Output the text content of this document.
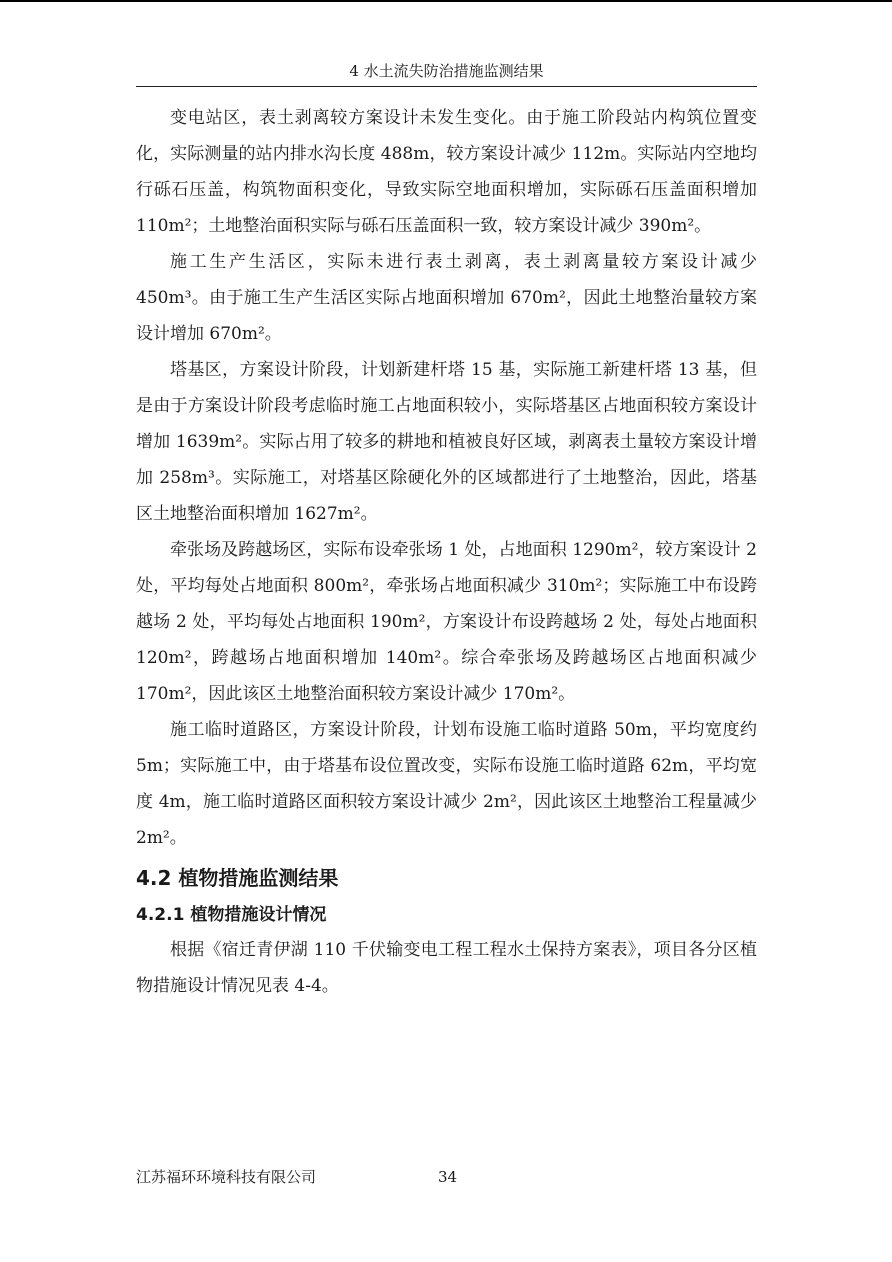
4 水土流失防治措施监测结果

变电站区，表土剥离较方案设计未发生变化。由于施工阶段站内构筑位置变化，实际测量的站内排水沟长度 488m，较方案设计减少 112m。实际站内空地均行砾石压盖，构筑物面积变化，导致实际空地面积增加，实际砾石压盖面积增加 110m²；土地整治面积实际与砾石压盖面积一致，较方案设计减少 390m²。

施工生产生活区，实际未进行表土剥离，表土剥离量较方案设计减少 450m³。由于施工生产生活区实际占地面积增加 670m²，因此土地整治量较方案设计增加 670m²。

塔基区，方案设计阶段，计划新建杆塔 15 基，实际施工新建杆塔 13 基，但是由于方案设计阶段考虑临时施工占地面积较小，实际塔基区占地面积较方案设计增加 1639m²。实际占用了较多的耕地和植被良好区域，剥离表土量较方案设计增加 258m³。实际施工，对塔基区除硬化外的区域都进行了土地整治，因此，塔基区土地整治面积增加 1627m²。

牵张场及跨越场区，实际布设牵张场 1 处，占地面积 1290m²，较方案设计 2 处，平均每处占地面积 800m²，牵张场占地面积减少 310m²；实际施工中布设跨越场 2 处，平均每处占地面积 190m²，方案设计布设跨越场 2 处，每处占地面积 120m²，跨越场占地面积增加 140m²。综合牵张场及跨越场区占地面积减少 170m²，因此该区土地整治面积较方案设计减少 170m²。

施工临时道路区，方案设计阶段，计划布设施工临时道路 50m，平均宽度约 5m；实际施工中，由于塔基布设位置改变，实际布设施工临时道路 62m，平均宽度 4m，施工临时道路区面积较方案设计减少 2m²，因此该区土地整治工程量减少 2m²。

4.2 植物措施监测结果
4.2.1 植物措施设计情况

根据《宿迁青伊湖 110 千伏输变电工程工程水土保持方案表》，项目各分区植物措施设计情况见表 4-4。

江苏福环环境科技有限公司	34
